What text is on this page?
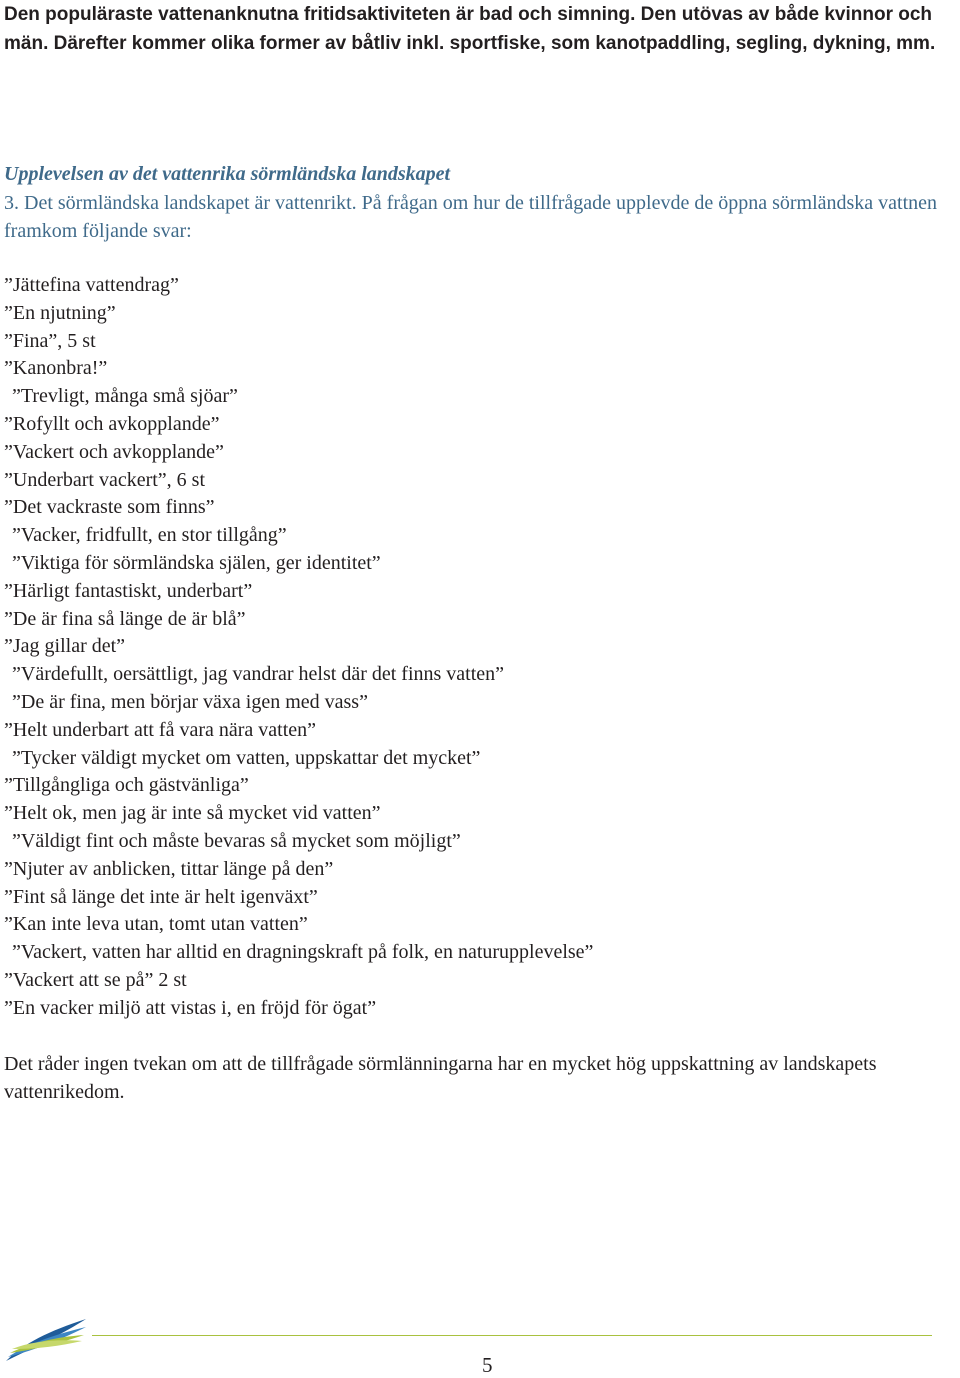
Den populäraste vattenanknutna fritidsaktiviteten är bad och simning. Den utövas av både kvinnor och män. Därefter kommer olika former av båtliv inkl. sportfiske, som kanotpaddling, segling, dykning, mm.

Upplevelsen av det vattenrika sörmländska landskapet

3. Det sörmländska landskapet är vattenrikt. På frågan om hur de tillfrågade upplevde de öppna sörmländska vattnen framkom följande svar:

”Jättefina vattendrag”
”En njutning”
”Fina”, 5 st
”Kanonbra!”
”Trevligt, många små sjöar”
”Rofyllt och avkopplande”
”Vackert och avkopplande”
”Underbart vackert”, 6 st
”Det vackraste som finns”
”Vacker, fridfullt, en stor tillgång”
”Viktiga för sörmländska själen, ger identitet”
”Härligt fantastiskt, underbart”
”De är fina så länge de är blå”
”Jag gillar det”
”Värdefullt, oersättligt, jag vandrar helst där det finns vatten”
”De är fina, men börjar växa igen med vass”
”Helt underbart att få vara nära vatten”
”Tycker väldigt mycket om vatten, uppskattar det mycket”
”Tillgångliga och gästvänliga”
”Helt ok, men jag är inte så mycket vid vatten”
”Väldigt fint och måste bevaras så mycket som möjligt”
”Njuter av anblicken, tittar länge på den”
”Fint så länge det inte är helt igenväxt”
”Kan inte leva utan, tomt utan vatten”
”Vackert, vatten har alltid en dragningskraft på folk, en naturupplevelse”
”Vackert att se på” 2 st
”En vacker miljö att vistas i, en fröjd för ögat”

Det råder ingen tvekan om att de tillfrågade sörmlänningarna har en mycket hög uppskattning av landskapets vattenrikedom.

5
